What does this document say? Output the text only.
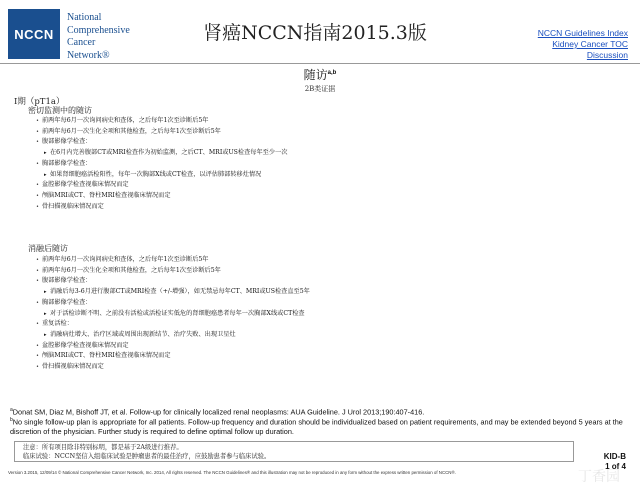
NCCN
National
Comprehensive
Cancer
Network®
肾癌NCCN指南2015.3版	NCCN Guidelines Index
Kidney Cancer TOC
Discussion
随访$^{a,b}$
2B类证据
I期（pT1a）
密切监测中的随访
• 前两年每6月一次询问病史和查体，之后每年1次至诊断后5年
• 前两年每6月一次生化全项和其他检查，之后每年1次至诊断后5年
• 腹部影像学检查：
▸ 在6月内完善腹部CT或MRI检查作为初始监测，之后CT、MRI或US检查每年至少一次
• 胸部影像学检查：
▸ 如果肾细胞癌活检阳性，每年一次胸部X线或CT检查，以评估肺部转移灶情况
• 盆腔影像学检查视临床情况而定
• 颅脑MRI或CT、脊柱MRI检查视临床情况而定
• 骨扫描视临床情况而定
消融后随访
• 前两年每6月一次询问病史和查体，之后每年1次至诊断后5年
• 前两年每6月一次生化全项和其他检查，之后每年1次至诊断后5年
• 腹部影像学检查：
▸ 消融后每3-6月进行腹部CT或MRI检查（+/-增强），如无禁忌每年CT、MRI或US检查直至5年
• 胸部影像学检查：
▸ 对于活检诊断不明、之前没有活检或活检证实低危的肾细胞癌患者每年一次胸部X线或CT检查
• 重复活检：
▸ 消融病灶增大、治疗区域或周围出现新结节、治疗失败、出现卫星灶
• 盆腔影像学检查视临床情况而定
• 颅脑MRI或CT、脊柱MRI检查视临床情况而定
• 骨扫描视临床情况而定
$^a$Donat SM, Diaz M, Bishoff JT, et al. Follow-up for clinically localized renal neoplasms: AUA Guideline. J Urol 2013;190:407-416.
$^b$No single follow-up plan is appropriate for all patients. Follow-up frequency and duration should be individualized based on patient requirements, and may be extended beyond 5 years at the discretion of the physician. Further study is required to define optimal follow up duration.
注意：所有项目除非特别标明，都是基于2A级进行推荐。
临床试验：NCCN坚信入组临床试验是肿瘤患者的最佳治疗，应鼓励患者参与临床试验。	KID-B
1 of 4
Version 3.2015, 12/09/14 © National Comprehensive Cancer Network, Inc. 2014, All rights reserved. The NCCN Guidelines® and this illustration may not be reproduced in any form without the express written permission of NCCN®.	丁香园
